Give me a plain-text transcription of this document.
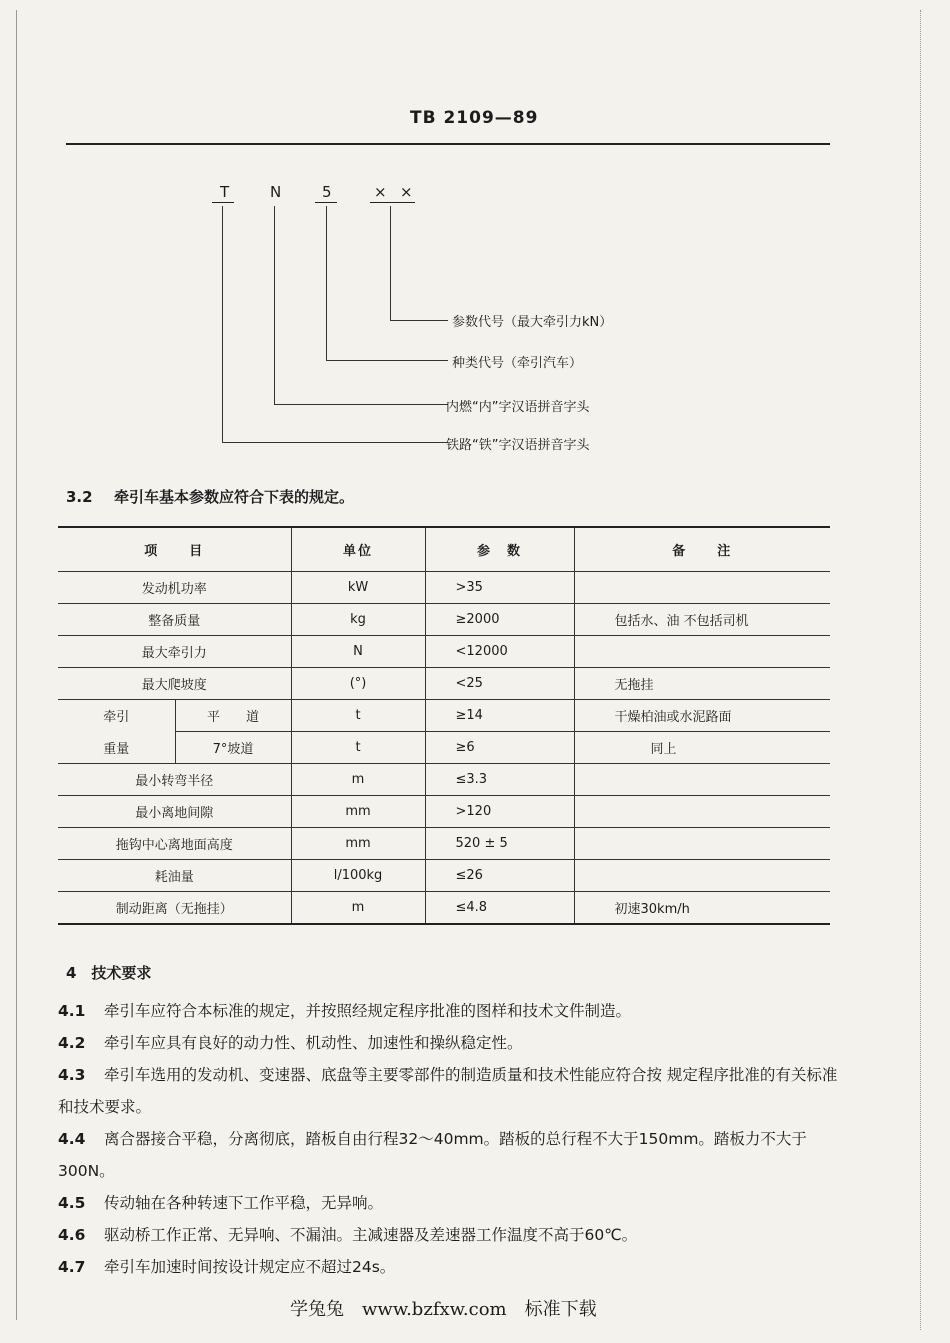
TB 2109—89
T	N	5	× ×
参数代号（最大牵引力kN）
种类代号（牵引汽车）
内燃“内”字汉语拼音字头
铁路“铁”字汉语拼音字头
3.2 牵引车基本参数应符合下表的规定。
项　　目		单位	参　数	备　　注
发动机功率		kW	>35	
整备质量		kg	≥2000	包括水、油 不包括司机
最大牵引力		N	<12000	
最大爬坡度		(°)	<25	无拖挂
牵引	平　　道	t	≥14	干燥柏油或水泥路面
重量	7°坡道	t	≥6	同上
最小转弯半径		m	≤3.3	
最小离地间隙		mm	>120	
拖钩中心离地面高度		mm	520 ± 5	
耗油量		l/100kg	≤26	
制动距离（无拖挂）		m	≤4.8	初速30km/h
4　技术要求
4.1 牵引车应符合本标准的规定，并按照经规定程序批准的图样和技术文件制造。
4.2 牵引车应具有良好的动力性、机动性、加速性和操纵稳定性。
4.3 牵引车选用的发动机、变速器、底盘等主要零部件的制造质量和技术性能应符合按 规定程序批准的有关标准和技术要求。
4.4 离合器接合平稳，分离彻底，踏板自由行程32～40mm。踏板的总行程不大于150mm。踏板力不大于300N。
4.5 传动轴在各种转速下工作平稳，无异响。
4.6 驱动桥工作正常、无异响、不漏油。主减速器及差速器工作温度不高于60℃。
4.7 牵引车加速时间按设计规定应不超过24s。
学兔兔　www.bzfxw.com　标准下载
